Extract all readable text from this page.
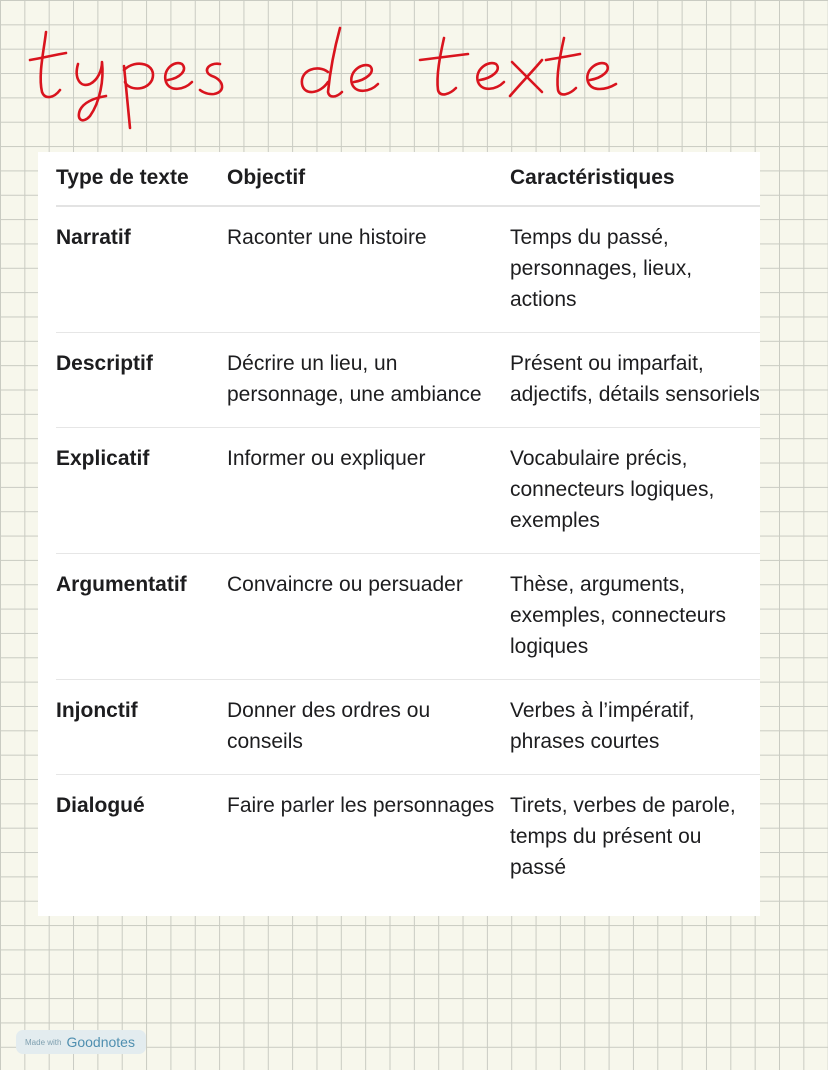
Type de texte	Objectif	Caractéristiques
Narratif	Raconter une histoire	Temps du passé, personnages, lieux, actions
Descriptif	Décrire un lieu, un personnage, une ambiance	Présent ou imparfait, adjectifs, détails sensoriels
Explicatif	Informer ou expliquer	Vocabulaire précis, connecteurs logiques, exemples
Argumentatif	Convaincre ou persuader	Thèse, arguments, exemples, connecteurs logiques
Injonctif	Donner des ordres ou conseils	Verbes à l’impératif, phrases courtes
Dialogué	Faire parler les personnages	Tirets, verbes de parole, temps du présent ou passé
Made with Goodnotes
